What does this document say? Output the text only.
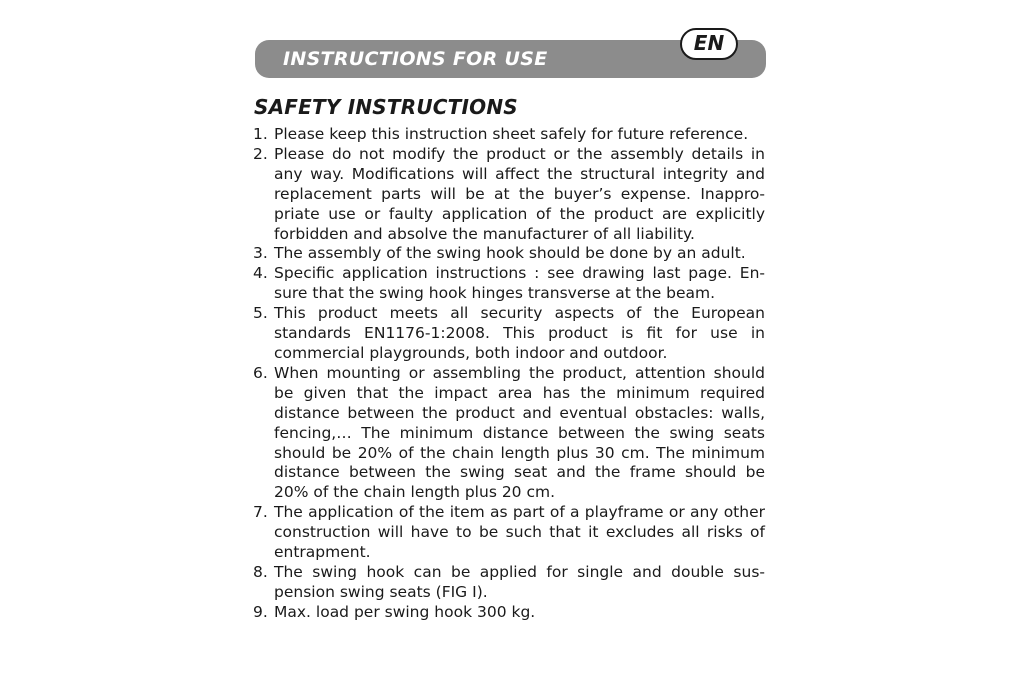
INSTRUCTIONS FOR USE
EN
SAFETY INSTRUCTIONS
1. Please keep this instruction sheet safely for future reference.
2. Please do not modify the product or the assembly details in any way. Modifications will affect the structural integrity and replacement parts will be at the buyer’s expense. Inappropriate use or faulty application of the product are explicitly forbidden and absolve the manufacturer of all liability.
3. The assembly of the swing hook should be done by an adult.
4. Specific application instructions : see drawing last page. Ensure that the swing hook hinges transverse at the beam.
5. This product meets all security aspects of the European standards EN1176-1:2008. This product is fit for use in commercial playgrounds, both indoor and outdoor.
6. When mounting or assembling the product, attention should be given that the impact area has the minimum required distance between the product and eventual obstacles: walls, fencing,… The minimum distance between the swing seats should be 20% of the chain length plus 30 cm. The minimum distance between the swing seat and the frame should be 20% of the chain length plus 20 cm.
7. The application of the item as part of a playframe or any other construction will have to be such that it excludes all risks of entrapment.
8. The swing hook can be applied for single and double suspension swing seats (FIG I).
9. Max. load per swing hook 300 kg.
